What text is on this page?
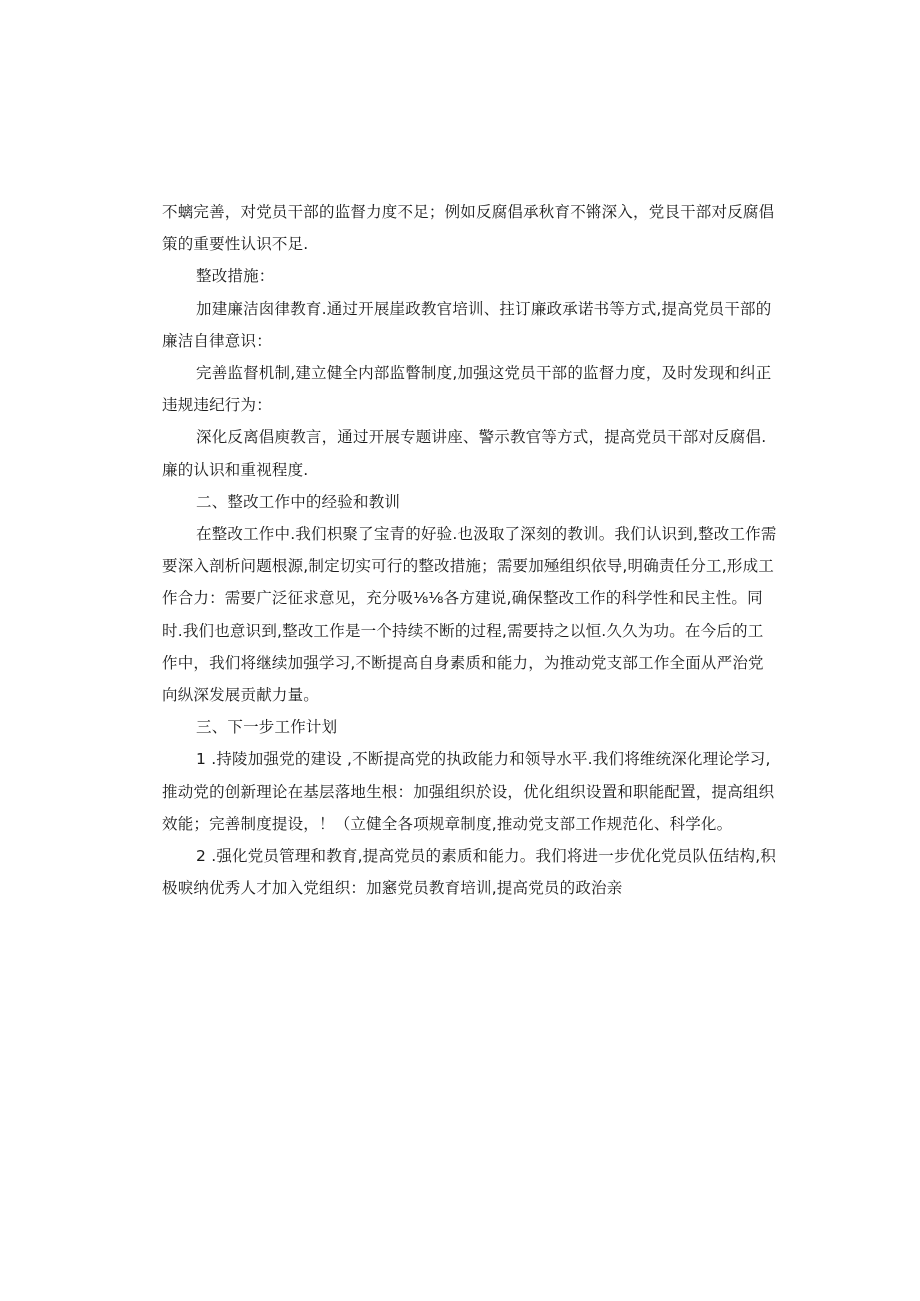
不螭完善，对党员干部的监督力度不足；例如反腐倡承秋育不锵深入，党艮干部对反腐倡
策的重要性认识不足.

整改措施：

加建廉洁囱律教育.通过开展崖政教官培训、拄订廉政承诺书等方式,提高党员干部的
廉洁自律意识：

完善监督机制,建立健全内部监瞥制度,加强这党员干部的监督力度，及时发现和纠正
违规违纪行为：

深化反离倡庾教言，通过开展专题讲座、警示教官等方式，提高党员干部对反腐倡.
廉的认识和重视程度.

二、整改工作中的经验和教训

在整改工作中.我们枳聚了宝青的好验.也汲取了深刻的教训。我们认识到,整改工作需
要深入剖析问题根源,制定切实可行的整改措施；需要加殛组织依导,明确责任分工,形成工
作合力：需要广泛征求意见，充分吸⅛⅛各方建说,确保整改工作的科学性和民主性。同
时.我们也意识到,整改工作是一个持续不断的过程,需要持之以恒.久久为功。在今后的工
作中，我们将继续加强学习,不断提高自身素质和能力，为推动党支部工作全面从严治党
向纵深发展贡献力量。

三、下一步工作计划

1 .持陵加强党的建设 ,不断提高党的执政能力和领导水平.我们将维统深化理论学习,
推动党的创新理论在基层落地生根：加强组织於设，优化组织设置和职能配置，提高组织
效能；完善制度提设，！（立健全各项规章制度,推动党支部工作规范化、科学化。

2 .强化党员管理和教育,提高党员的素质和能力。我们将进一步优化党员队伍结构,积
极唳纳优秀人才加入党组织：加窸党员教育培训,提高党员的政治亲
